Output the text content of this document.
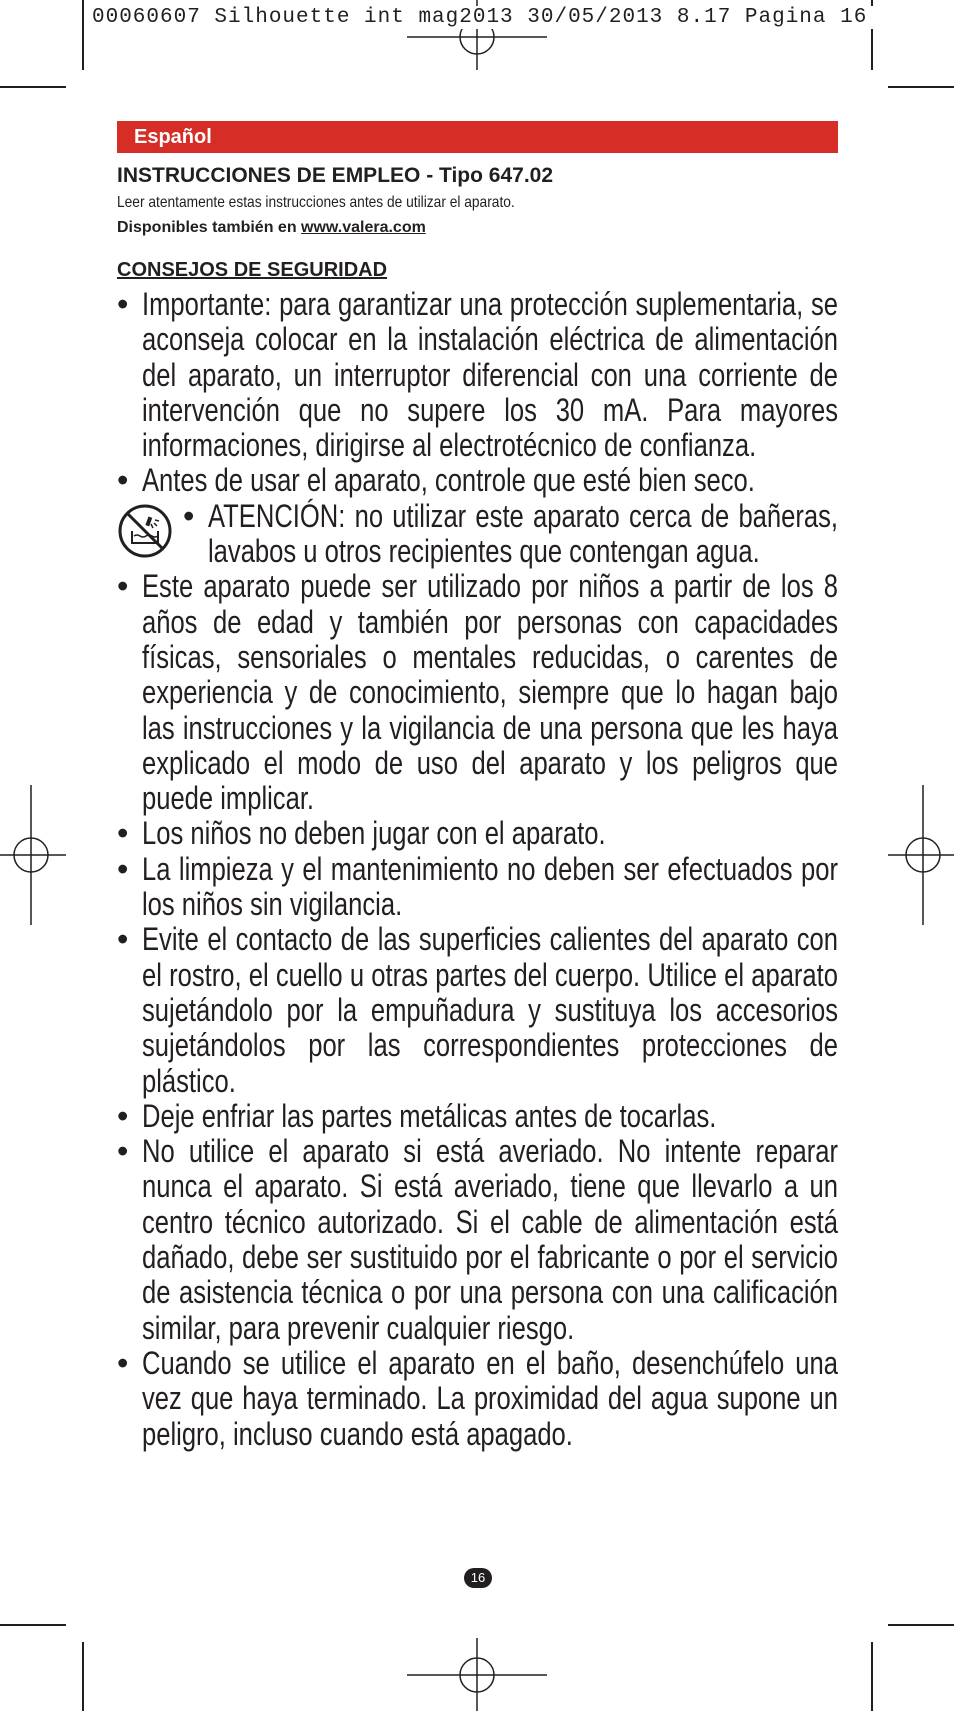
00060607 Silhouette int mag2013 30/05/2013 8.17 Pagina 16
Español
INSTRUCCIONES DE EMPLEO - Tipo 647.02
Leer atentamente estas instrucciones antes de utilizar el aparato.
Disponibles también en www.valera.com
CONSEJOS DE SEGURIDAD
• Importante: para garantizar una protección suplementaria, se aconseja colocar en la instalación eléctrica de alimentación del aparato, un interruptor diferencial con una corriente de intervención que no supere los 30 mA. Para mayores informaciones, dirigirse al electrotécnico de confianza.
• Antes de usar el aparato, controle que esté bien seco.
• ATENCIÓN: no utilizar este aparato cerca de bañeras, lavabos u otros recipientes que contengan agua.
• Este aparato puede ser utilizado por niños a partir de los 8 años de edad y también por personas con capacidades físicas, sensoriales o mentales reducidas, o carentes de experiencia y de conocimiento, siempre que lo hagan bajo las instrucciones y la vigilancia de una persona que les haya explicado el modo de uso del aparato y los peligros que puede implicar.
• Los niños no deben jugar con el aparato.
• La limpieza y el mantenimiento no deben ser efectuados por los niños sin vigilancia.
• Evite el contacto de las superficies calientes del aparato con el rostro, el cuello u otras partes del cuerpo. Utilice el aparato sujetándolo por la empuñadura y sustituya los accesorios sujetándolos por las correspondientes protecciones de plástico.
• Deje enfriar las partes metálicas antes de tocarlas.
• No utilice el aparato si está averiado. No intente reparar nunca el aparato. Si está averiado, tiene que llevarlo a un centro técnico autorizado. Si el cable de alimentación está dañado, debe ser sustituido por el fabricante o por el servicio de asistencia técnica o por una persona con una calificación similar, para prevenir cualquier riesgo.
• Cuando se utilice el aparato en el baño, desenchúfelo una vez que haya terminado. La proximidad del agua supone un peligro, incluso cuando está apagado.
16
